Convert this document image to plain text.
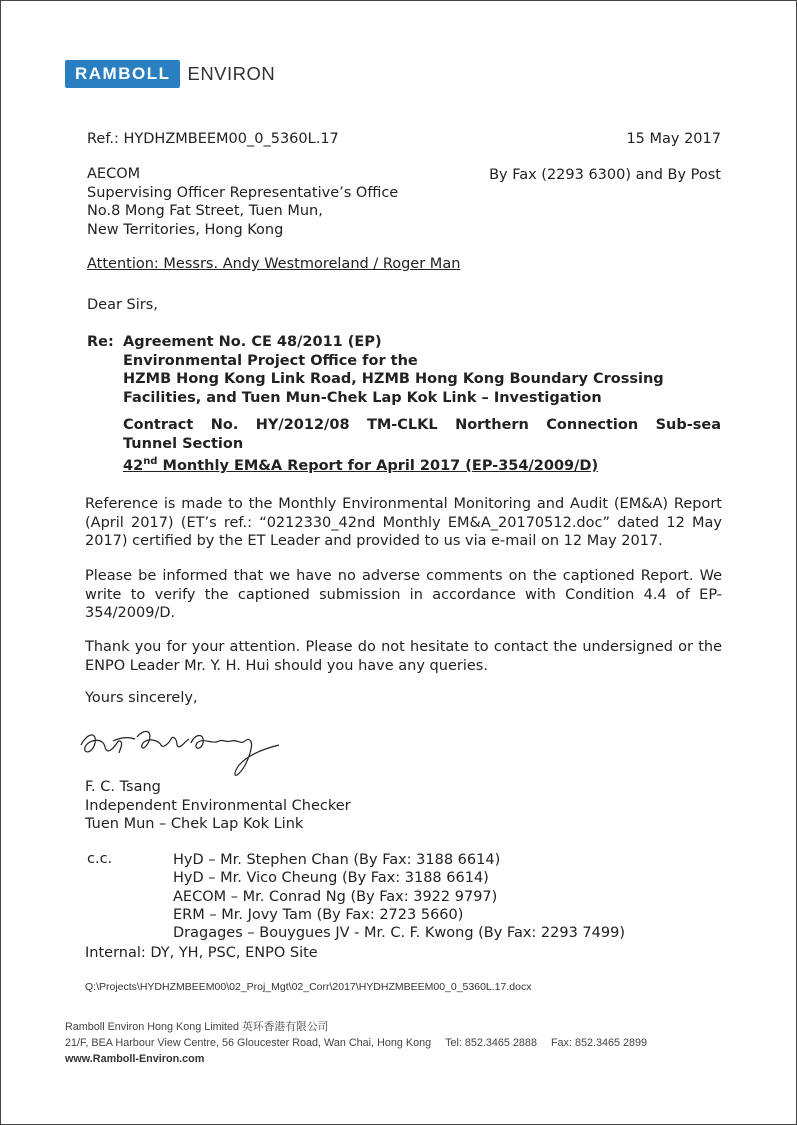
RAMBOLL ENVIRON
Ref.: HYDHZMBEEM00_0_5360L.17	15 May 2017
AECOM
Supervising Officer Representative’s Office
No.8 Mong Fat Street, Tuen Mun,
New Territories, Hong Kong
By Fax (2293 6300) and By Post
Attention: Messrs. Andy Westmoreland / Roger Man
Dear Sirs,
Re: Agreement No. CE 48/2011 (EP)
Environmental Project Office for the
HZMB Hong Kong Link Road, HZMB Hong Kong Boundary Crossing
Facilities, and Tuen Mun-Chek Lap Kok Link – Investigation
Contract No. HY/2012/08 TM-CLKL Northern Connection Sub-sea
Tunnel Section
42nd Monthly EM&A Report for April 2017 (EP-354/2009/D)
Reference is made to the Monthly Environmental Monitoring and Audit (EM&A) Report (April 2017) (ET’s ref.: “0212330_42nd Monthly EM&A_20170512.doc” dated 12 May 2017) certified by the ET Leader and provided to us via e-mail on 12 May 2017.
Please be informed that we have no adverse comments on the captioned Report. We write to verify the captioned submission in accordance with Condition 4.4 of EP-354/2009/D.
Thank you for your attention. Please do not hesitate to contact the undersigned or the ENPO Leader Mr. Y. H. Hui should you have any queries.
Yours sincerely,
F. C. Tsang
Independent Environmental Checker
Tuen Mun – Chek Lap Kok Link
c.c.	HyD – Mr. Stephen Chan (By Fax: 3188 6614)
HyD – Mr. Vico Cheung (By Fax: 3188 6614)
AECOM – Mr. Conrad Ng (By Fax: 3922 9797)
ERM – Mr. Jovy Tam (By Fax: 2723 5660)
Dragages – Bouygues JV - Mr. C. F. Kwong (By Fax: 2293 7499)
Internal: DY, YH, PSC, ENPO Site
Q:\Projects\HYDHZMBEEM00\02_Proj_Mgt\02_Corr\2017\HYDHZMBEEM00_0_5360L.17.docx
Ramboll Environ Hong Kong Limited 英环香港有限公司
21/F, BEA Harbour View Centre, 56 Gloucester Road, Wan Chai, Hong Kong Tel: 852.3465 2888 Fax: 852.3465 2899
www.Ramboll-Environ.com
